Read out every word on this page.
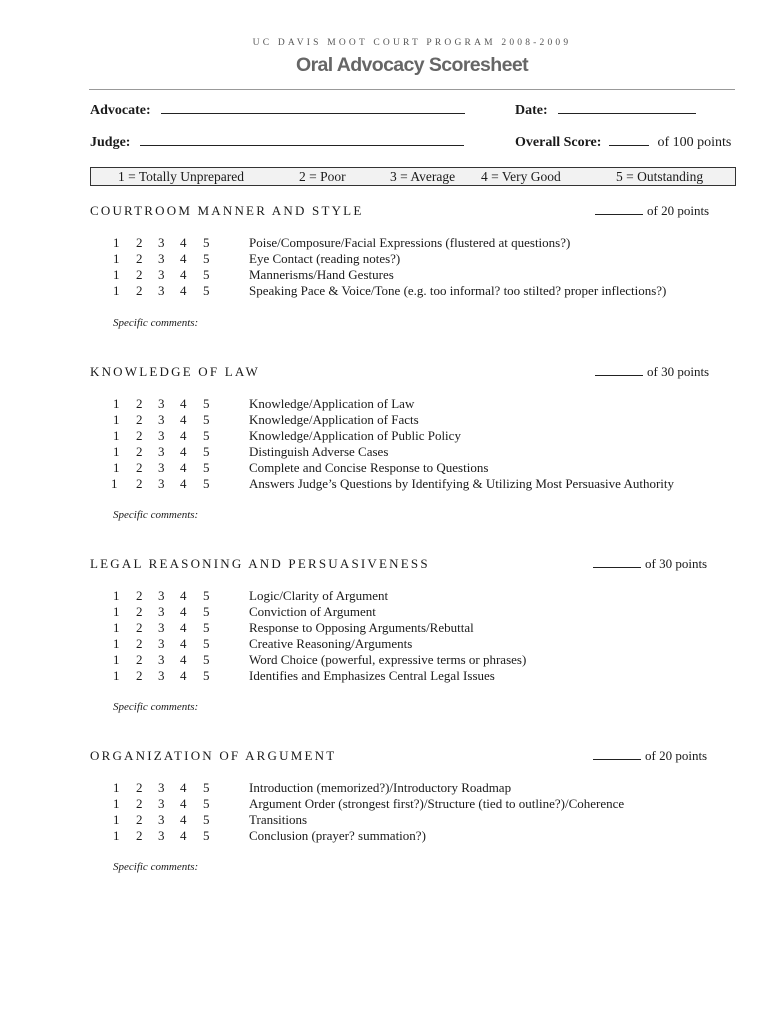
UC DAVIS MOOT COURT PROGRAM 2008-2009
Oral Advocacy Scoresheet
Advocate:	Date:
Judge:	Overall Score:	of 100 points
1 = Totally Unprepared	2 = Poor	3 = Average 4 = Very Good	5 = Outstanding
COURTROOM MANNER AND STYLE	of 20 points
1 2 3 4 5	Poise/Composure/Facial Expressions (flustered at questions?)
1 2 3 4 5	Eye Contact (reading notes?)
1 2 3 4 5	Mannerisms/Hand Gestures
1 2 3 4 5	Speaking Pace & Voice/Tone (e.g. too informal? too stilted? proper inflections?)
Specific comments:
KNOWLEDGE OF LAW	of 30 points
1 2 3 4 5	Knowledge/Application of Law
1 2 3 4 5	Knowledge/Application of Facts
1 2 3 4 5	Knowledge/Application of Public Policy
1 2 3 4 5	Distinguish Adverse Cases
1 2 3 4 5	Complete and Concise Response to Questions
1 2 3 4 5	Answers Judge’s Questions by Identifying & Utilizing Most Persuasive Authority
Specific comments:
LEGAL REASONING AND PERSUASIVENESS	of 30 points
1 2 3 4 5	Logic/Clarity of Argument
1 2 3 4 5	Conviction of Argument
1 2 3 4 5	Response to Opposing Arguments/Rebuttal
1 2 3 4 5	Creative Reasoning/Arguments
1 2 3 4 5	Word Choice (powerful, expressive terms or phrases)
1 2 3 4 5	Identifies and Emphasizes Central Legal Issues
Specific comments:
ORGANIZATION OF ARGUMENT	of 20 points
1 2 3 4 5	Introduction (memorized?)/Introductory Roadmap
1 2 3 4 5	Argument Order (strongest first?)/Structure (tied to outline?)/Coherence
1 2 3 4 5	Transitions
1 2 3 4 5	Conclusion (prayer? summation?)
Specific comments:
